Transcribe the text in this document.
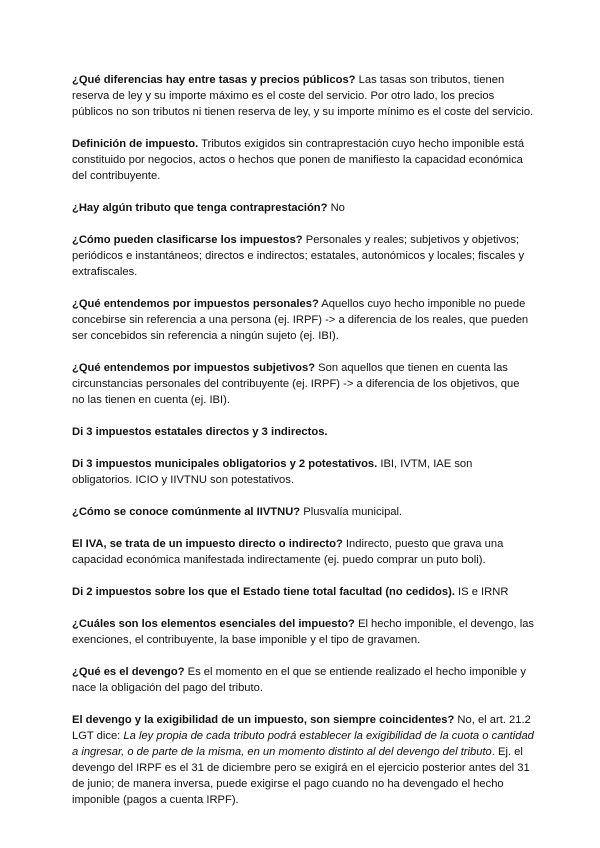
¿Qué diferencias hay entre tasas y precios públicos? Las tasas son tributos, tienen reserva de ley y su importe máximo es el coste del servicio. Por otro lado, los precios públicos no son tributos ni tienen reserva de ley, y su importe mínimo es el coste del servicio.

Definición de impuesto. Tributos exigidos sin contraprestación cuyo hecho imponible está constituido por negocios, actos o hechos que ponen de manifiesto la capacidad económica del contribuyente.

¿Hay algún tributo que tenga contraprestación? No

¿Cómo pueden clasificarse los impuestos? Personales y reales; subjetivos y objetivos; periódicos e instantáneos; directos e indirectos; estatales, autonómicos y locales; fiscales y extrafiscales.

¿Qué entendemos por impuestos personales? Aquellos cuyo hecho imponible no puede concebirse sin referencia a una persona (ej. IRPF) -> a diferencia de los reales, que pueden ser concebidos sin referencia a ningún sujeto (ej. IBI).

¿Qué entendemos por impuestos subjetivos? Son aquellos que tienen en cuenta las circunstancias personales del contribuyente (ej. IRPF) -> a diferencia de los objetivos, que no las tienen en cuenta (ej. IBI).

Di 3 impuestos estatales directos y 3 indirectos.

Di 3 impuestos municipales obligatorios y 2 potestativos. IBI, IVTM, IAE son obligatorios. ICIO y IIVTNU son potestativos.

¿Cómo se conoce comúnmente al IIVTNU? Plusvalía municipal.

El IVA, se trata de un impuesto directo o indirecto? Indirecto, puesto que grava una capacidad económica manifestada indirectamente (ej. puedo comprar un puto boli).

Di 2 impuestos sobre los que el Estado tiene total facultad (no cedidos). IS e IRNR

¿Cuáles son los elementos esenciales del impuesto? El hecho imponible, el devengo, las exenciones, el contribuyente, la base imponible y el tipo de gravamen.

¿Qué es el devengo? Es el momento en el que se entiende realizado el hecho imponible y nace la obligación del pago del tributo.

El devengo y la exigibilidad de un impuesto, son siempre coincidentes? No, el art. 21.2 LGT dice: La ley propia de cada tributo podrá establecer la exigibilidad de la cuota o cantidad a ingresar, o de parte de la misma, en un momento distinto al del devengo del tributo. Ej. el devengo del IRPF es el 31 de diciembre pero se exigirá en el ejercicio posterior antes del 31 de junio; de manera inversa, puede exigirse el pago cuando no ha devengado el hecho imponible (pagos a cuenta IRPF).
